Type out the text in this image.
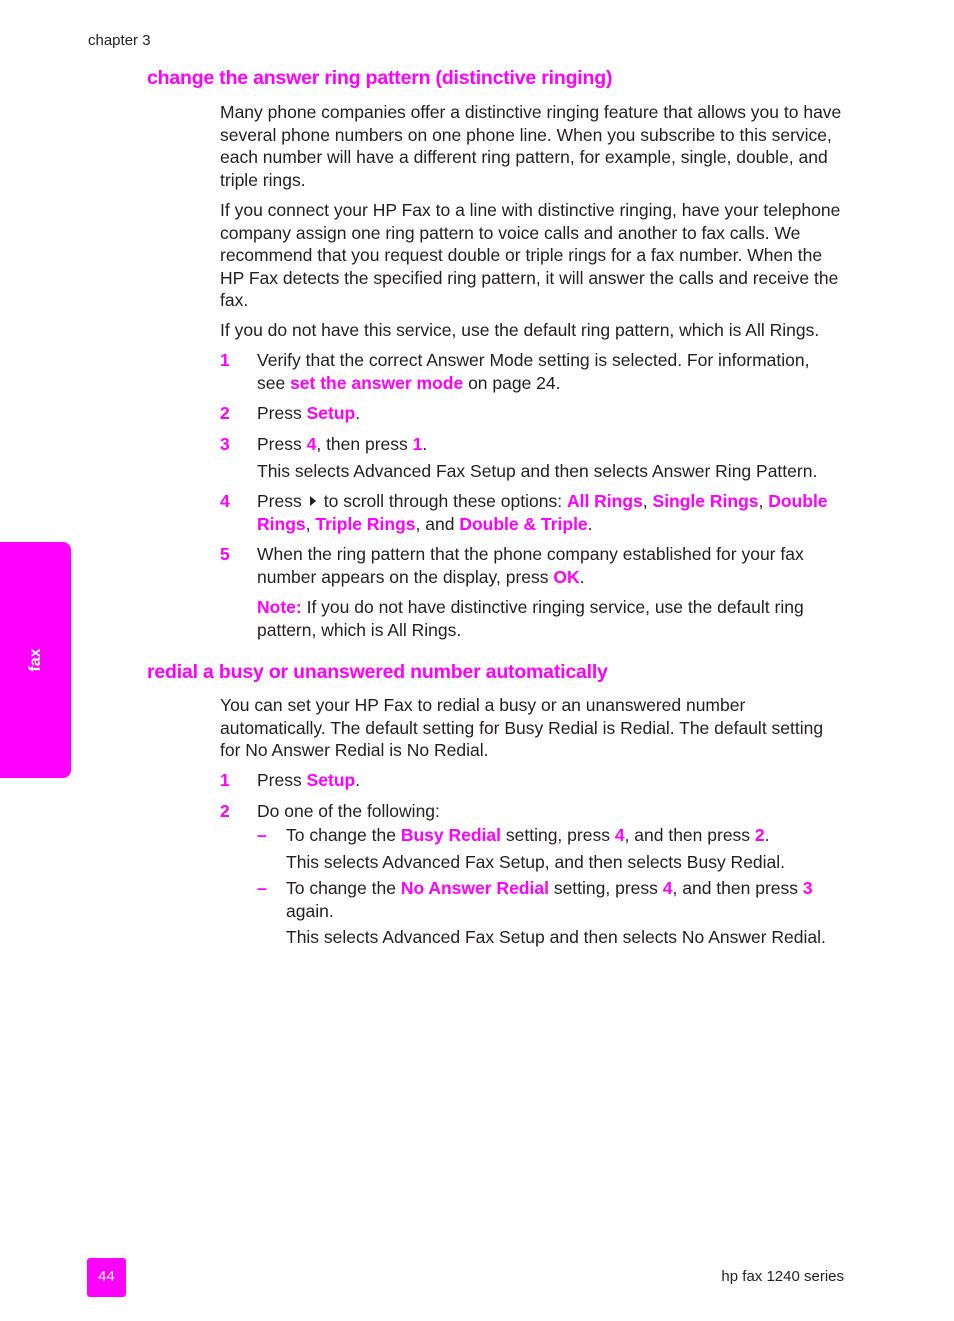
chapter 3
fax
change the answer ring pattern (distinctive ringing)

Many phone companies offer a distinctive ringing feature that allows you to have several phone numbers on one phone line. When you subscribe to this service, each number will have a different ring pattern, for example, single, double, and triple rings.

If you connect your HP Fax to a line with distinctive ringing, have your telephone company assign one ring pattern to voice calls and another to fax calls. We recommend that you request double or triple rings for a fax number. When the HP Fax detects the specified ring pattern, it will answer the calls and receive the fax.

If you do not have this service, use the default ring pattern, which is All Rings.

1 Verify that the correct Answer Mode setting is selected. For information, see set the answer mode on page 24.

2 Press Setup.

3 Press 4, then press 1.

This selects Advanced Fax Setup and then selects Answer Ring Pattern.

4 Press to scroll through these options: All Rings, Single Rings, Double Rings, Triple Rings, and Double & Triple.

5 When the ring pattern that the phone company established for your fax number appears on the display, press OK.

Note: If you do not have distinctive ringing service, use the default ring pattern, which is All Rings.

redial a busy or unanswered number automatically

You can set your HP Fax to redial a busy or an unanswered number automatically. The default setting for Busy Redial is Redial. The default setting for No Answer Redial is No Redial.

1 Press Setup.

2 Do one of the following:

– To change the Busy Redial setting, press 4, and then press 2.

This selects Advanced Fax Setup, and then selects Busy Redial.

– To change the No Answer Redial setting, press 4, and then press 3 again.

This selects Advanced Fax Setup and then selects No Answer Redial.

44	hp fax 1240 series
